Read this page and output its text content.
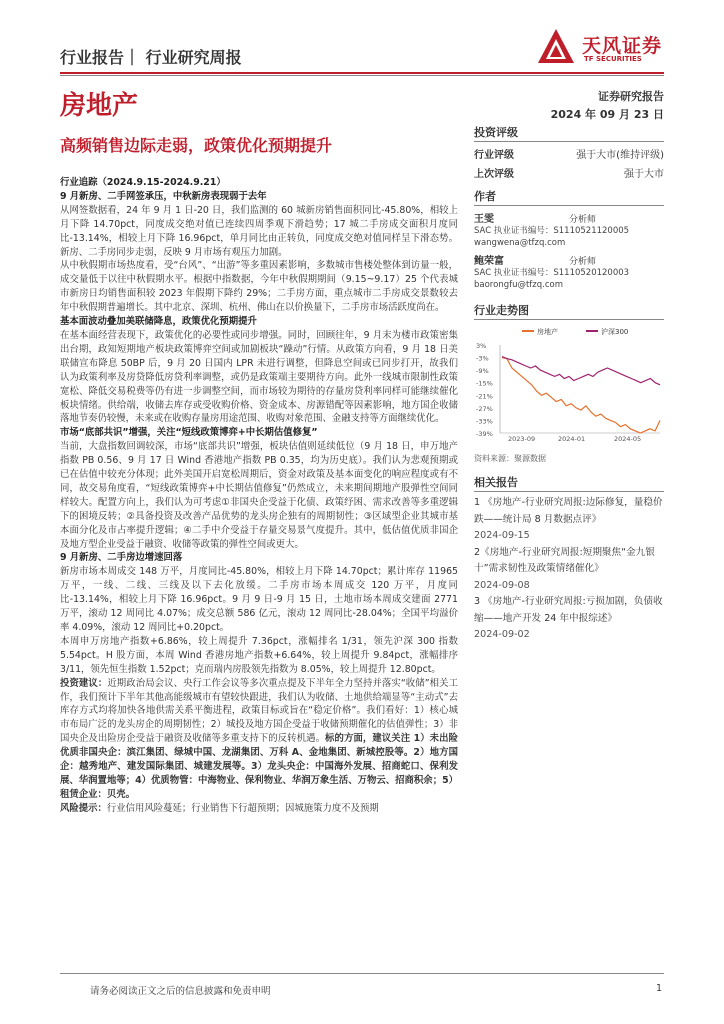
行业报告｜ 行业研究周报
天风证券
TF SECURITIES
房地产	证券研究报告
2024 年 09 月 23 日
高频销售边际走弱，政策优化预期提升

行业追踪（2024.9.15-2024.9.21）

9 月新房、二手网签承压，中秋新房表现弱于去年

从网签数据看，24 年 9 月 1 日-20 日，我们监测的 60 城新房销售面积同比-45.80%，相较上月下降 14.70pct，同度成交绝对值已连续四周季观下滑趋势；17 城二手房成交面积月度同比-13.14%，相较上月下降 16.96pct，单月同比由正转负，同度成交绝对值同样呈下滑态势。新房、二手房同步走弱，反映 9 月市场有观压力加剧。

从中秋假期市场热度看，受“台风”、“出游”等多重因素影响，多数城市售楼处整体到访量一般，成交量低于以往中秋假期水平。根据中指数据，今年中秋假期期间（9.15~9.17）25 个代表城市新房日均销售面积较 2023 年假期下降约 29%；二手房方面，重点城市二手房成交景数较去年中秋假期普遍增长。其中北京、深圳、杭州、佛山在以价换量下，二手房市场活跃度尚在。

基本面波动叠加美联储降息，政策优化预期提升

在基本面经营表现下，政策优化的必要性或同步增强。同时，回顾往年，9 月末为楼市政策密集出台期，政知短期地产板块政策博弈空间或加剧板块“躁动”行情。从政策方向看，9 月 18 日美联储宣布降息 50BP 后，9 月 20 日国内 LPR 未进行调整，但降息空间或已同步打开，故我们认为政策利率及房贷降低房贷利率调整，或仍是政策端主要期待方向。此外一线城市限制性政策宽松、降低交易税费等仍有进一步调整空间，而市场较为期待的存量房贷利率同样可能继续催化板块情绪。供给端，收储去库存或受收购价格、资金成本、房源错配等因素影响，地方国企收储落地节奏仍较慢，未来或在收购存量房用途范围、收购对象范围、金融支持等方面继续优化。

市场“底部共识”增强，关注“短线政策博弈+中长期估值修复”

当前，大盘指数回调较深，市场“底部共识”增强，板块估值则延续低位（9 月 18 日，申万地产指数 PB 0.56、9 月 17 日 Wind 香港地产指数 PB 0.35，均为历史底）。我们认为悲观预期或已在估值中较充分体现；此外美国开启宽松周期后，资金对政策及基本面变化的响应程度或有不同，故交易角度看，“短线政策博弈+中长期估值修复”仍然成立，未来期间期地产股弹性空间同样较大。配置方向上，我们认为可考虑①非国央企受益于化债、政策纾困、需求改善等多重逻辑下的困境反转；②具备投资及改善产品优势的龙头房企独有的周期韧性；③区域型企业其城市基本面分化及市占率提升逻辑；④二手中介受益于存量交易景气度提升。其中，低估值优质非国企及地方型企业受益于融资、收储等政策的弹性空间或更大。

9 月新房、二手房边增速回落

新房市场本周成交 148 万平，月度同比-45.80%，相较上月下降 14.70pct；累计库存 11965 万平，一线、二线、三线及以下去化放缓。二手房市场本周成交 120 万平，月度同比-13.14%，相较上月下降 16.96pct。9 月 9 日-9 月 15 日，土地市场本周成交建面 2771 万平，滚动 12 周同比 4.07%；成交总额 586 亿元，滚动 12 周同比-28.04%；全国平均溢价率 4.09%，滚动 12 周同比+0.20pct。

本周申万房地产指数+6.86%，较上周提升 7.36pct，涨幅排名 1/31，领先沪深 300 指数 5.54pct。H 股方面，本周 Wind 香港房地产指数+6.64%，较上周提升 9.84pct，涨幅排序 3/11，领先恒生指数 1.52pct；克而瑞内房股领先指数为 8.05%，较上周提升 12.80pct。

投资建议：近期政治局会议、央行工作会议等多次重点提及下半年全力坚持并落实“收储”相关工作，我们预计下半年其他高能级城市有望较快跟进，我们认为收储、土地供给端显等“主动式”去库存方式均将加快各地供需关系平衡进程，政策目标或旨在“稳定价格”。我们看好：1）核心城市布局广泛的龙头房企的周期韧性；2）城投及地方国企受益于收储预期催化的估值弹性；3）非国央企及出险房企受益于融资及收储等多重支持下的反转机遇。标的方面，建议关注 1）未出险优质非国央企：滨江集团、绿城中国、龙湖集团、万科 A、金地集团、新城控股等。2）地方国企：越秀地产、建发国际集团、城建发展等。3）龙头央企：中国海外发展、招商蛇口、保利发展、华润置地等；4）优质物管：中海物业、保利物业、华润万象生活、万物云、招商积余；5）租赁企业：贝壳。

风险提示：行业信用风险蔓延；行业销售下行超预期；因城施策力度不及预期

投资评级
行业评级	强于大市(维持评级)
上次评级	强于大市
作者
王雯	分析师
SAC 执业证书编号：S1110521120005
wangwena@tfzq.com
鲍荣富	分析师
SAC 执业证书编号：S1110520120003
baorongfu@tfzq.com
行业走势图
房地产	沪深300
3%
-3%
-9%
-15%
-21%
-27%
-33%
-39%
2023-09	2024-01	2024-05
资料来源：聚源数据
相关报告
1 《房地产-行业研究周报:边际修复，量稳价跌——统计局 8 月数据点评》
2024-09-15
2《房地产-行业研究周报:短期聚焦“金九银十”需求韧性及政策情绪催化》
2024-09-08
3 《房地产-行业研究周报:亏损加剧，负债收缩——地产开发 24 年中报综述》
2024-09-02
请务必阅读正文之后的信息披露和免责申明	1
